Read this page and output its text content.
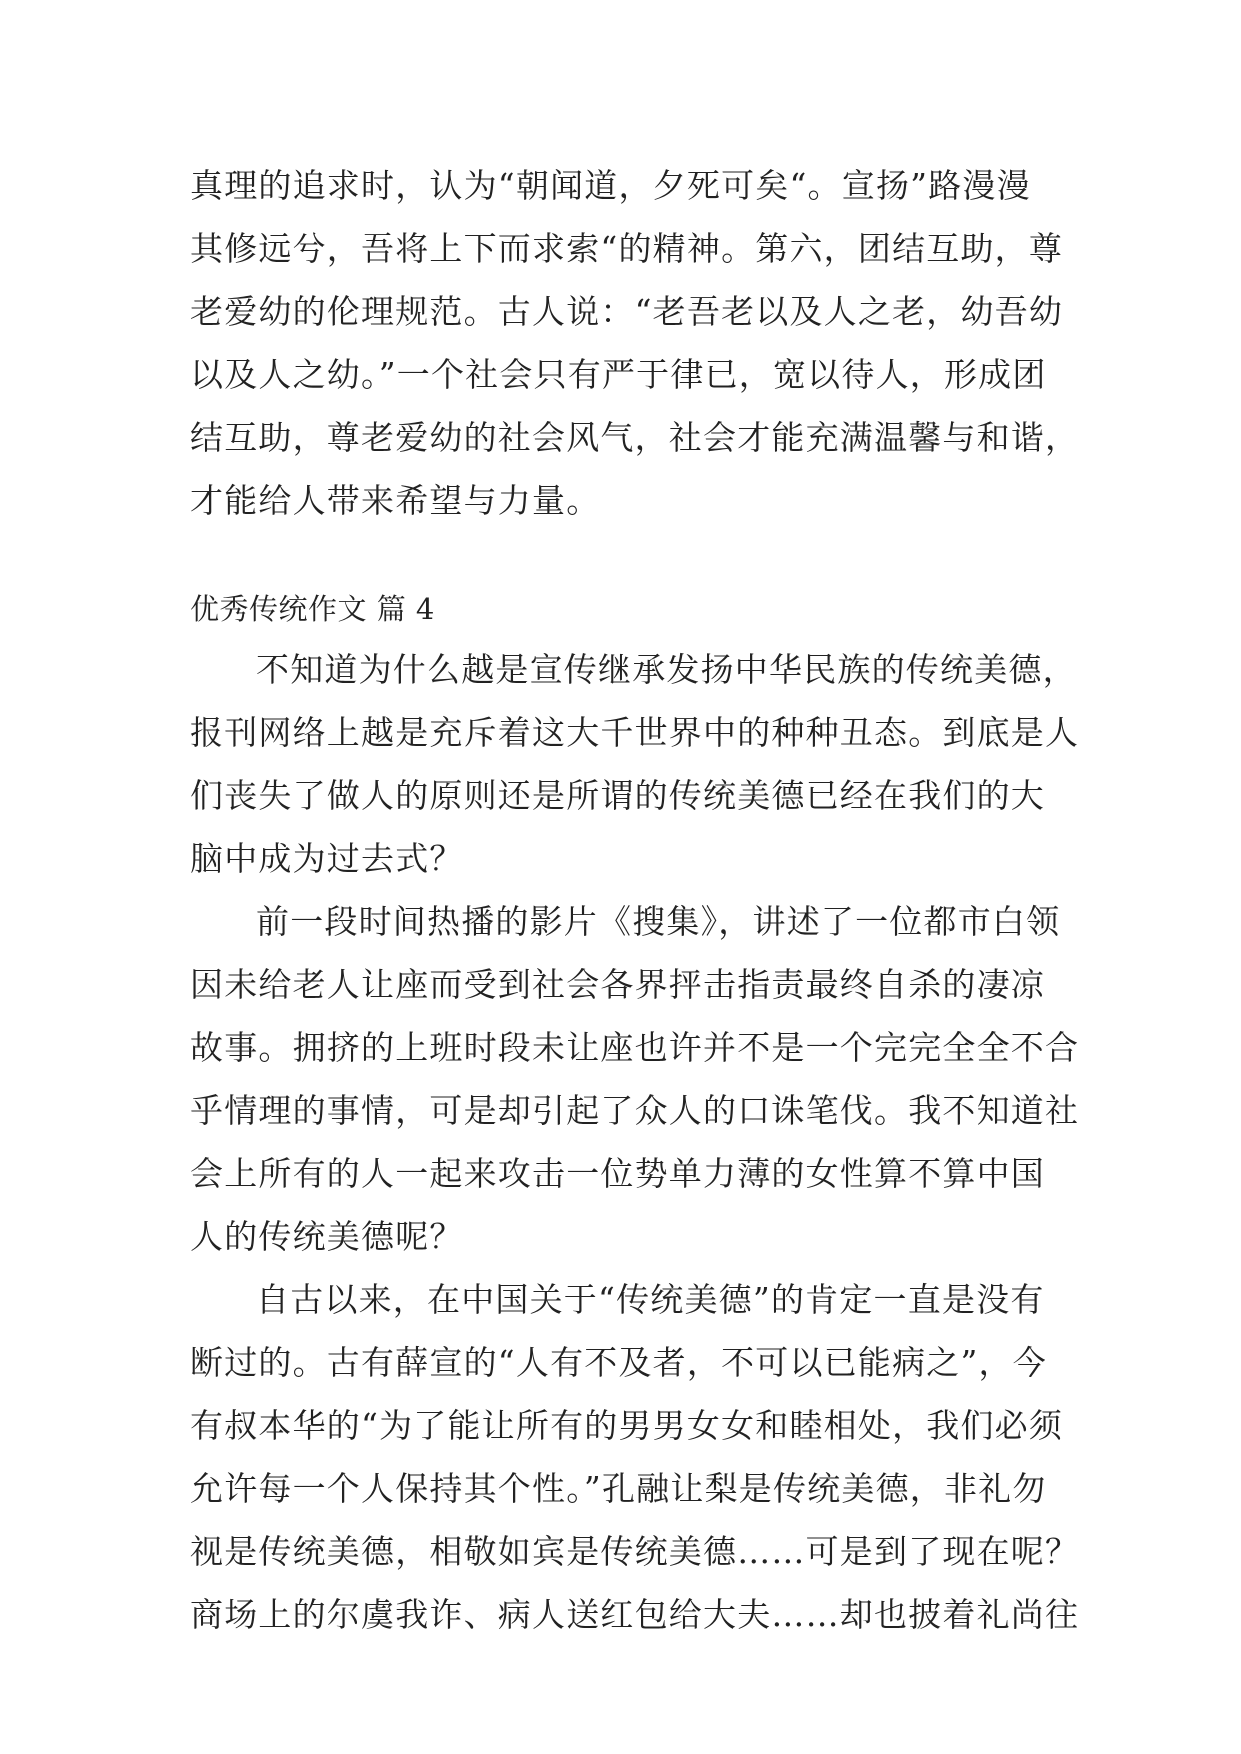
真理的追求时，认为“朝闻道，夕死可矣“。宣扬”路漫漫
其修远兮，吾将上下而求索“的精神。第六，团结互助，尊
老爱幼的伦理规范。古人说：“老吾老以及人之老，幼吾幼
以及人之幼。”一个社会只有严于律已，宽以待人，形成团
结互助，尊老爱幼的社会风气，社会才能充满温馨与和谐，
才能给人带来希望与力量。
优秀传统作文 篇 4
不知道为什么越是宣传继承发扬中华民族的传统美德，
报刊网络上越是充斥着这大千世界中的种种丑态。到底是人
们丧失了做人的原则还是所谓的传统美德已经在我们的大
脑中成为过去式？
前一段时间热播的影片《搜集》，讲述了一位都市白领
因未给老人让座而受到社会各界抨击指责最终自杀的凄凉
故事。拥挤的上班时段未让座也许并不是一个完完全全不合
乎情理的事情，可是却引起了众人的口诛笔伐。我不知道社
会上所有的人一起来攻击一位势单力薄的女性算不算中国
人的传统美德呢？
自古以来，在中国关于“传统美德”的肯定一直是没有
断过的。古有薛宣的“人有不及者，不可以已能病之”，今
有叔本华的“为了能让所有的男男女女和睦相处，我们必须
允许每一个人保持其个性。”孔融让梨是传统美德，非礼勿
视是传统美德，相敬如宾是传统美德……可是到了现在呢？
商场上的尔虞我诈、病人送红包给大夫……却也披着礼尚往
